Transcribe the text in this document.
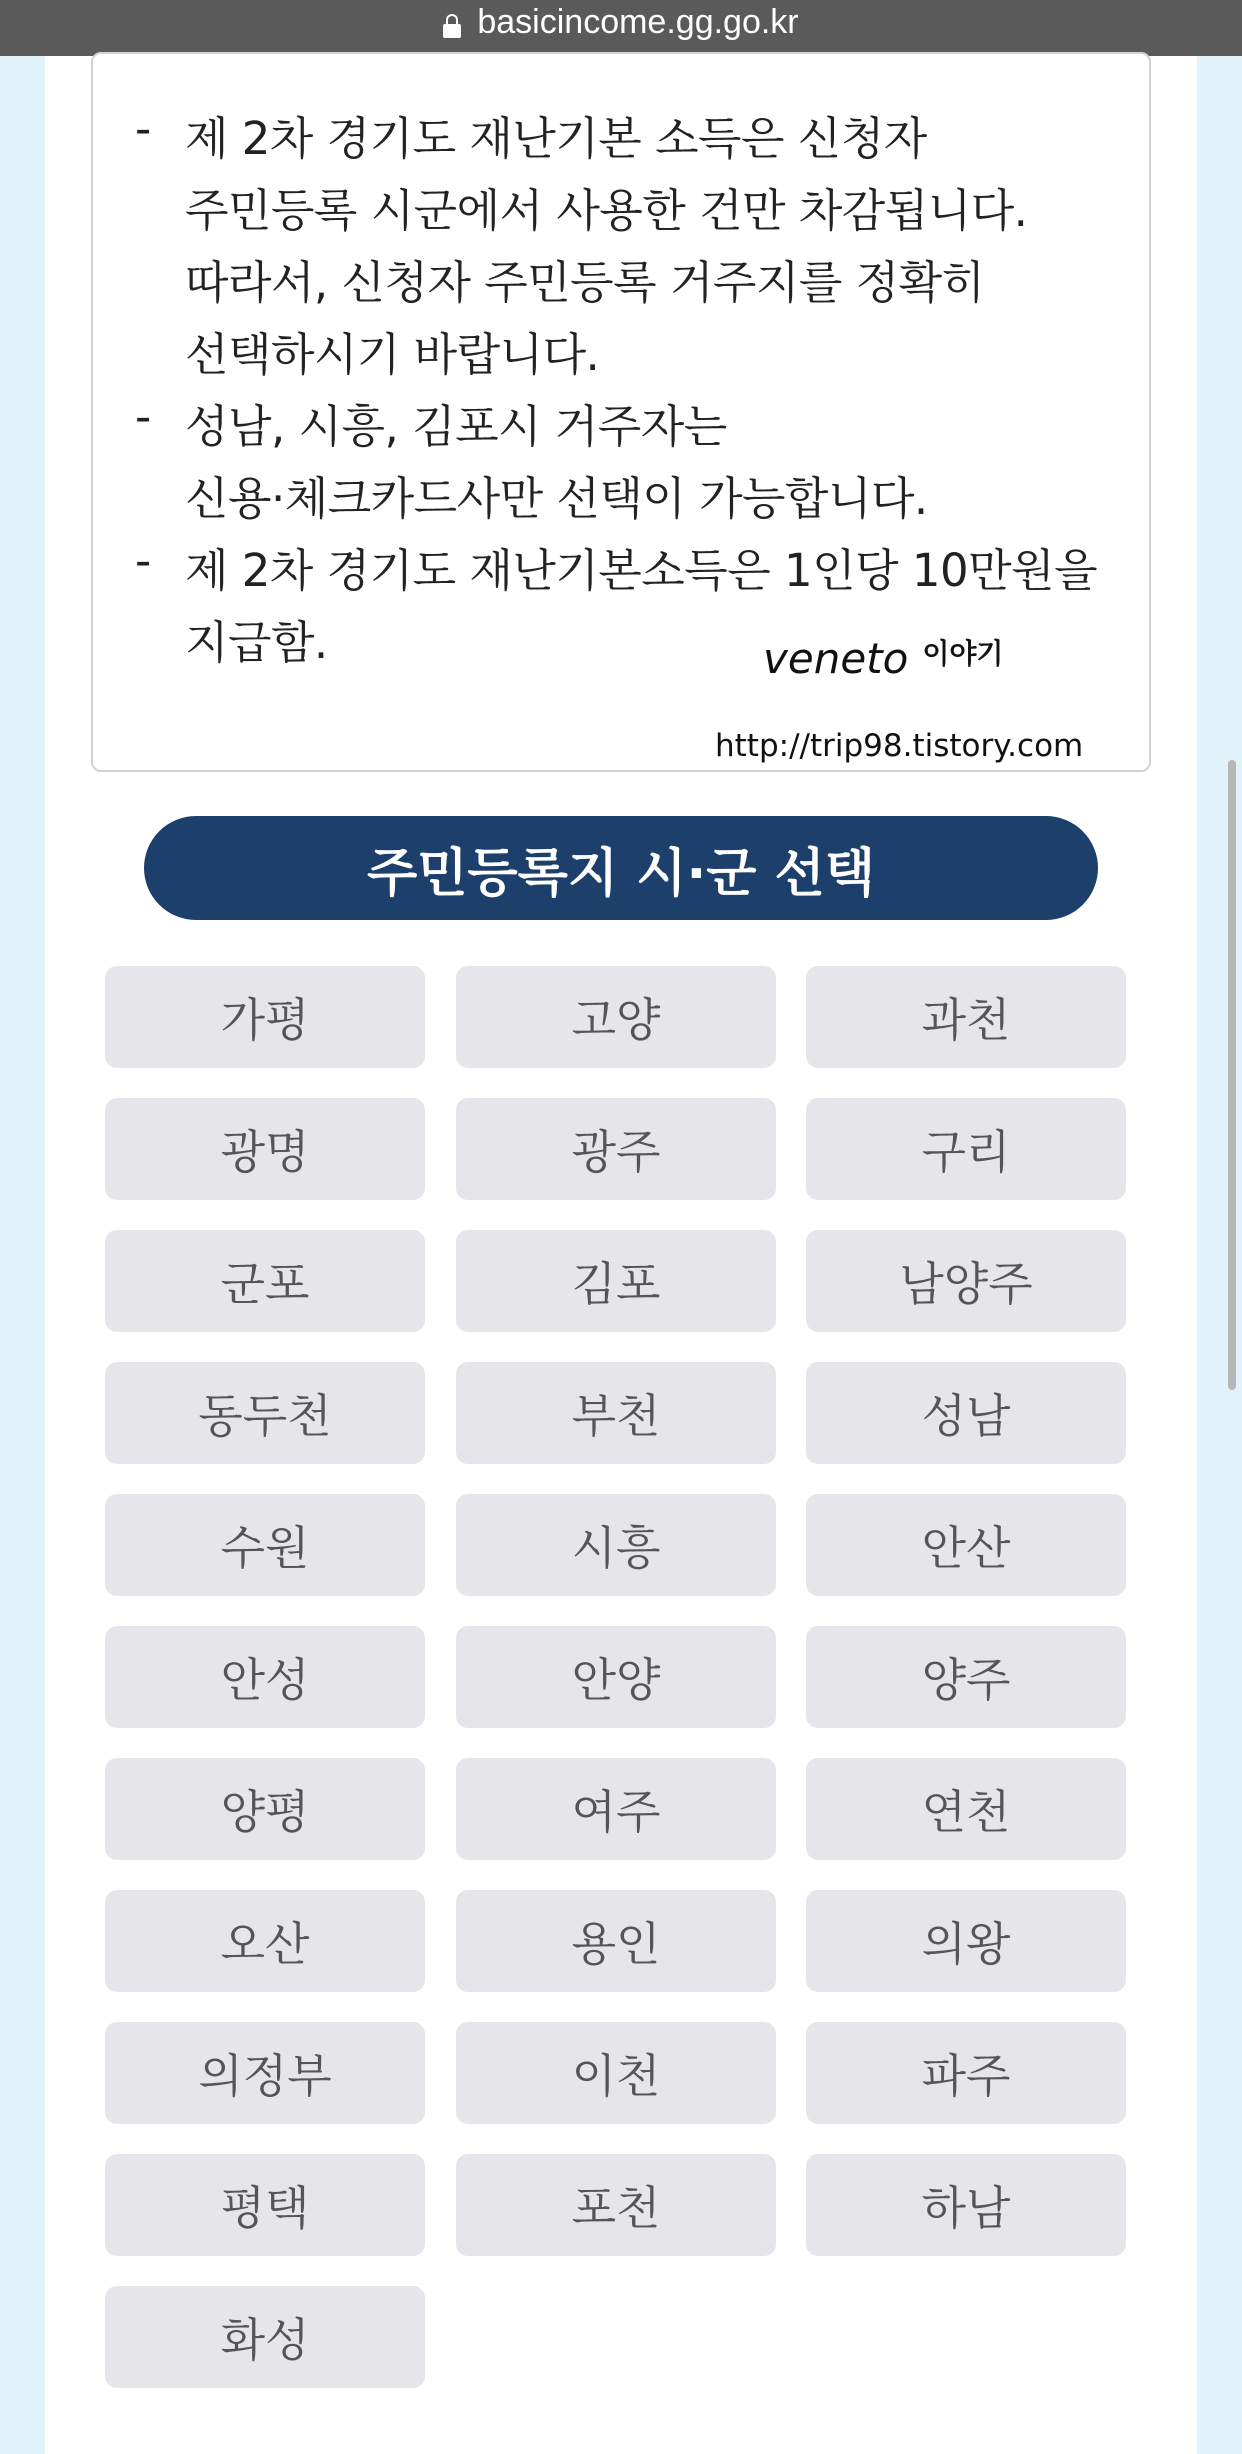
basicincome.gg.go.kr
- 제 2차 경기도 재난기본 소득은 신청자
주민등록 시군에서 사용한 건만 차감됩니다.
따라서, 신청자 주민등록 거주지를 정확히
선택하시기 바랍니다.
- 성남, 시흥, 김포시 거주자는
신용·체크카드사만 선택이 가능합니다.
- 제 2차 경기도 재난기본소득은 1인당 10만원을
지급함.	veneto $^{이야기}$
http://trip98.tistory.com
주민등록지 시·군 선택
가평	고양	과천
광명	광주	구리
군포	김포	남양주
동두천	부천	성남
수원	시흥	안산
안성	안양	양주
양평	여주	연천
오산	용인	의왕
의정부	이천	파주
평택	포천	하남
화성
